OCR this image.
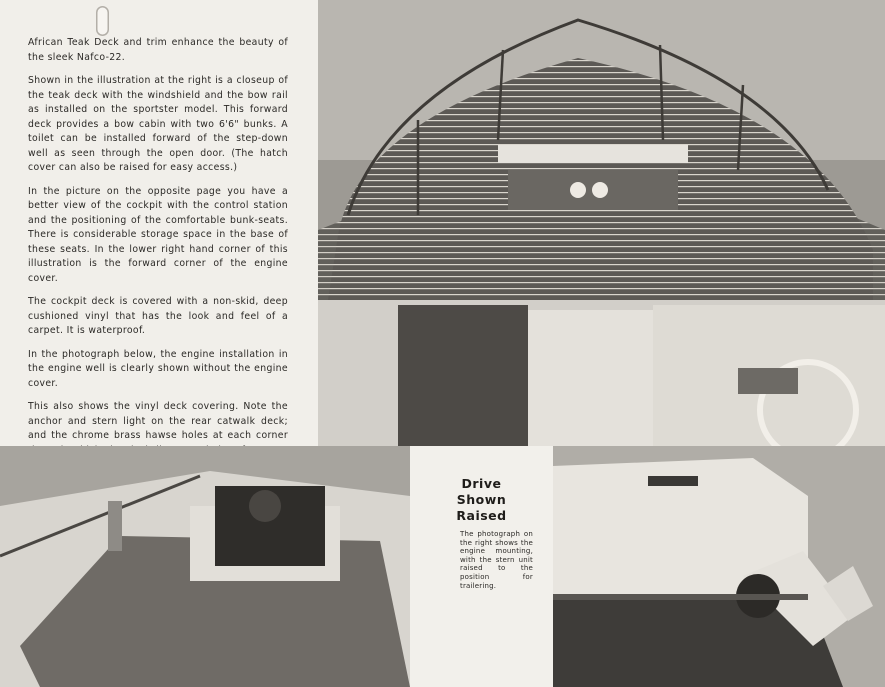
African Teak Deck and trim enhance the beauty of the sleek Nafco-22.

Shown in the illustration at the right is a closeup of the teak deck with the windshield and the bow rail as installed on the sportster model. This forward deck provides a bow cabin with two 6'6" bunks. A toilet can be installed forward of the step-down well as seen through the open door. (The hatch cover can also be raised for easy access.)

In the picture on the opposite page you have a better view of the cockpit with the control station and the positioning of the comfortable bunk-seats. There is considerable storage space in the base of these seats. In the lower right hand corner of this illustration is the forward corner of the engine cover.

The cockpit deck is covered with a non-skid, deep cushioned vinyl that has the look and feel of a carpet. It is waterproof.

In the photograph below, the engine installation in the engine well is clearly shown without the engine cover.

This also shows the vinyl deck covering. Note the anchor and stern light on the rear catwalk deck; and the chrome brass hawse holes at each corner

Drive
Shown
Raised
The photograph on the right shows the engine mounting, with the stern unit raised to the position for trailering.
